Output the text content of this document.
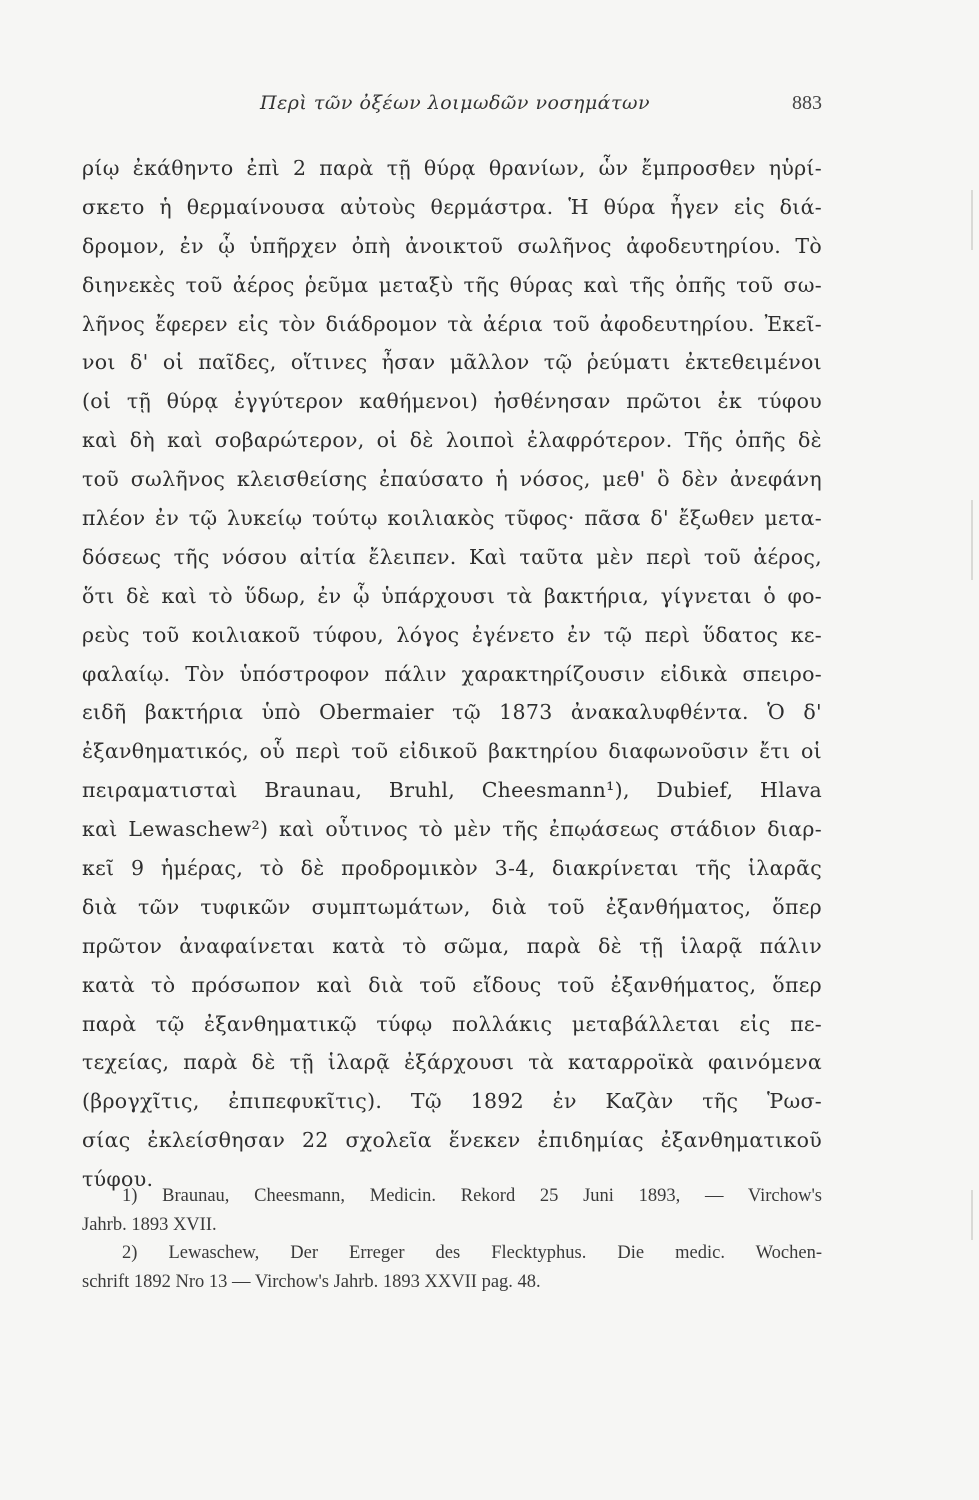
Περὶ τῶν ὀξέων λοιμωδῶν νοσημάτων	883
ρίῳ ἐκάθηντο ἐπὶ 2 παρὰ τῇ θύρᾳ θρανίων, ὧν ἔμπροσθεν ηὑρί-
σκετο ἡ θερμαίνουσα αὐτοὺς θερμάστρα. Ἡ θύρα ἦγεν εἰς διά-
δρομον, ἐν ᾧ ὑπῆρχεν ὀπὴ ἀνοικτοῦ σωλῆνος ἀφοδευτηρίου. Τὸ
διηνεκὲς τοῦ ἀέρος ῥεῦμα μεταξὺ τῆς θύρας καὶ τῆς ὀπῆς τοῦ σω-
λῆνος ἔφερεν εἰς τὸν διάδρομον τὰ ἀέρια τοῦ ἀφοδευτηρίου. Ἐκεῖ-
νοι δ' οἱ παῖδες, οἵτινες ἦσαν μᾶλλον τῷ ῥεύματι ἐκτεθειμένοι
(οἱ τῇ θύρᾳ ἐγγύτερον καθήμενοι) ἠσθένησαν πρῶτοι ἐκ τύφου
καὶ δὴ καὶ σοβαρώτερον, οἱ δὲ λοιποὶ ἐλαφρότερον. Τῆς ὀπῆς δὲ
τοῦ σωλῆνος κλεισθείσης ἐπαύσατο ἡ νόσος, μεθ' ὃ δὲν ἀνεφάνη
πλέον ἐν τῷ λυκείῳ τούτῳ κοιλιακὸς τῦφος· πᾶσα δ' ἔξωθεν μετα-
δόσεως τῆς νόσου αἰτία ἔλειπεν. Καὶ ταῦτα μὲν περὶ τοῦ ἀέρος,
ὅτι δὲ καὶ τὸ ὕδωρ, ἐν ᾧ ὑπάρχουσι τὰ βακτήρια, γίγνεται ὁ φο-
ρεὺς τοῦ κοιλιακοῦ τύφου, λόγος ἐγένετο ἐν τῷ περὶ ὕδατος κε-
φαλαίῳ. Τὸν ὑπόστροφον πάλιν χαρακτηρίζουσιν εἰδικὰ σπειρο-
ειδῆ βακτήρια ὑπὸ Obermaier τῷ 1873 ἀνακαλυφθέντα. Ὁ δ'
ἐξανθηματικός, οὗ περὶ τοῦ εἰδικοῦ βακτηρίου διαφωνοῦσιν ἔτι οἱ
πειραματισταὶ Braunau, Bruhl, Cheesmann¹), Dubief, Hlava
καὶ Lewaschew²) καὶ οὗτινος τὸ μὲν τῆς ἐπῳάσεως στάδιον διαρ-
κεῖ 9 ἡμέρας, τὸ δὲ προδρομικὸν 3-4, διακρίνεται τῆς ἱλαρᾶς
διὰ τῶν τυφικῶν συμπτωμάτων, διὰ τοῦ ἐξανθήματος, ὅπερ
πρῶτον ἀναφαίνεται κατὰ τὸ σῶμα, παρὰ δὲ τῇ ἱλαρᾷ πάλιν
κατὰ τὸ πρόσωπον καὶ διὰ τοῦ εἴδους τοῦ ἐξανθήματος, ὅπερ
παρὰ τῷ ἐξανθηματικῷ τύφῳ πολλάκις μεταβάλλεται εἰς πε-
τεχείας, παρὰ δὲ τῇ ἱλαρᾷ ἐξάρχουσι τὰ καταρροϊκὰ φαινόμενα
(βρογχῖτις, ἐπιπεφυκῖτις). Τῷ 1892 ἐν Καζὰν τῆς Ῥωσ-
σίας ἐκλείσθησαν 22 σχολεῖα ἕνεκεν ἐπιδημίας ἐξανθηματικοῦ
τύφου.
1) Braunau, Cheesmann, Medicin. Rekord 25 Juni 1893, — Virchow's
Jahrb. 1893 XVII.
2) Lewaschew, Der Erreger des Flecktyphus. Die medic. Wochen-
schrift 1892 Nro 13 — Virchow's Jahrb. 1893 XXVII pag. 48.
